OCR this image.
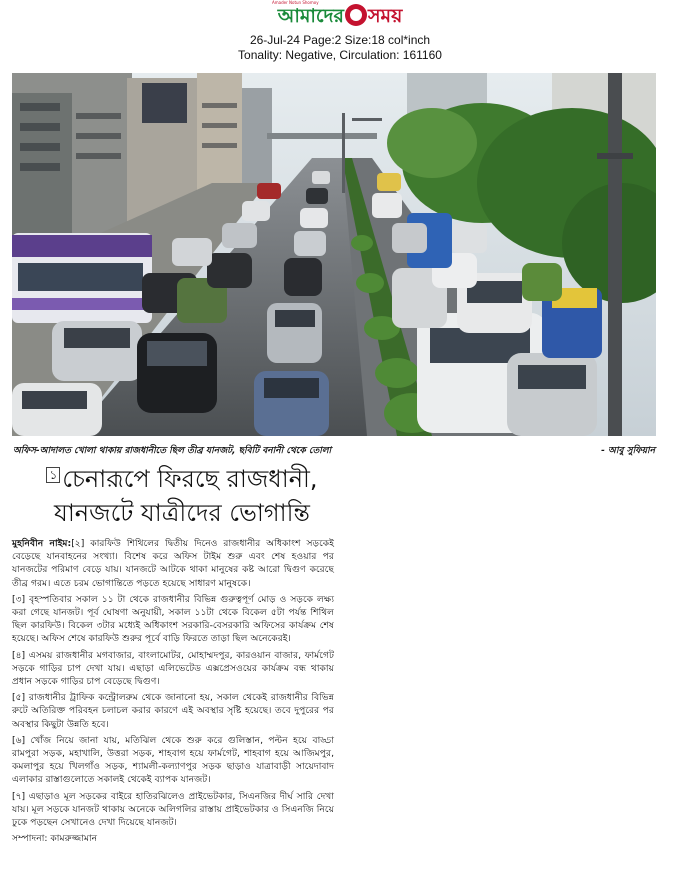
Amader Notun Shomoy
আমাদের সময়
26-Jul-24 Page:2 Size:18 col*inch
Tonality: Negative, Circulation: 161160
অফিস-আদালত খোলা থাকায় রাজধানীতে ছিল তীব্র যানজট, ছবিটি বনানী থেকে তোলা	- আবু সুফিয়ান
$^১$ চেনারূপে ফিরছে রাজধানী,
যানজটে যাত্রীদের ভোগান্তি

মুহনিবীন নাইম:[২] কারফিউ শিথিলের দ্বিতীয় দিনেও রাজধানীর অধিকাংশ সড়কেই বেড়েছে যানবাহনের সংখ্যা। বিশেষ করে অফিস টাইম শুরু এবং শেষ হওয়ার পর যানজটের পরিমাণ বেড়ে যায়। যানজটে আটকে থাকা মানুষের কষ্ট আরো দ্বিগুণ করেছে তীব্র গরম। এতে চরম ভোগান্তিতে পড়তে হয়েছে সাধারণ মানুষকে।

[৩] বৃহস্পতিবার সকাল ১১ টা থেকে রাজধানীর বিভিন্ন গুরুত্বপূর্ণ মোড় ও সড়কে লক্ষ্য করা গেছে যানজট। পূর্ব ঘোষণা অনুযায়ী, সকাল ১১টা থেকে বিকেল ৫টা পর্যন্ত শিথিল ছিল কারফিউ। বিকেল ৩টার মধ্যেই অধিকাংশ সরকারি-বেসরকারি অফিসের কার্যক্রম শেষ হয়েছে। অফিস শেষে কারফিউ শুরুর পূর্বে বাড়ি ফিরতে তাড়া ছিল অনেকেরই।

[৪] এসময় রাজধানীর মগবাজার, বাংলামোটর, মোহাম্মদপুর, কারওয়ান বাজার, ফার্মগেট সড়কে গাড়ির চাপ দেখা যায়। এছাড়া এলিভেটেড এক্সপ্রেসওয়ের কার্যক্রম বন্ধ থাকায় প্রধান সড়কে গাড়ির চাপ বেড়েছে দ্বিগুণ।

[৫] রাজধানীর ট্রাফিক কন্ট্রোলরুম থেকে জানানো হয়, সকাল থেকেই রাজধানীর বিভিন্ন রুটে অতিরিক্ত পরিবহন চলাচল করার কারণে এই অবস্থার সৃষ্টি হয়েছে। তবে দুপুরের পর অবস্থার কিছুটা উন্নতি হবে।

[৬] খোঁজ নিয়ে জানা যায়, মতিঝিল থেকে শুরু করে গুলিস্তান, পল্টন হয়ে বাড্ডা রামপুরা সড়ক, মহাখালি, উত্তরা সড়ক, শাহবাগ হয়ে ফার্মগেট, শাহবাগ হয়ে আজিমপুর, কমলাপুর হয়ে খিলগাঁও সড়ক, শ্যামলী-কল্যাণপুর সড়ক ছাড়াও যাত্রাবাড়ী সায়েদাবাদ এলাকার রাস্তাগুলোতে সকালই থেকেই ব্যাপক যানজট।

[৭] এছাড়াও মূল সড়কের বাইরে হাতিরঝিলেও প্রাইভেটকার, সিএনজির দীর্ঘ সারি দেখা যায়। মূল সড়কে যানজট থাকায় অনেকে অলিগলির রাস্তায় প্রাইভেটকার ও সিএনজি নিয়ে ঢুকে পড়ছেন সেখানেও দেখা দিয়েছে যানজট।

সম্পাদনা: কামরুজ্জামান
